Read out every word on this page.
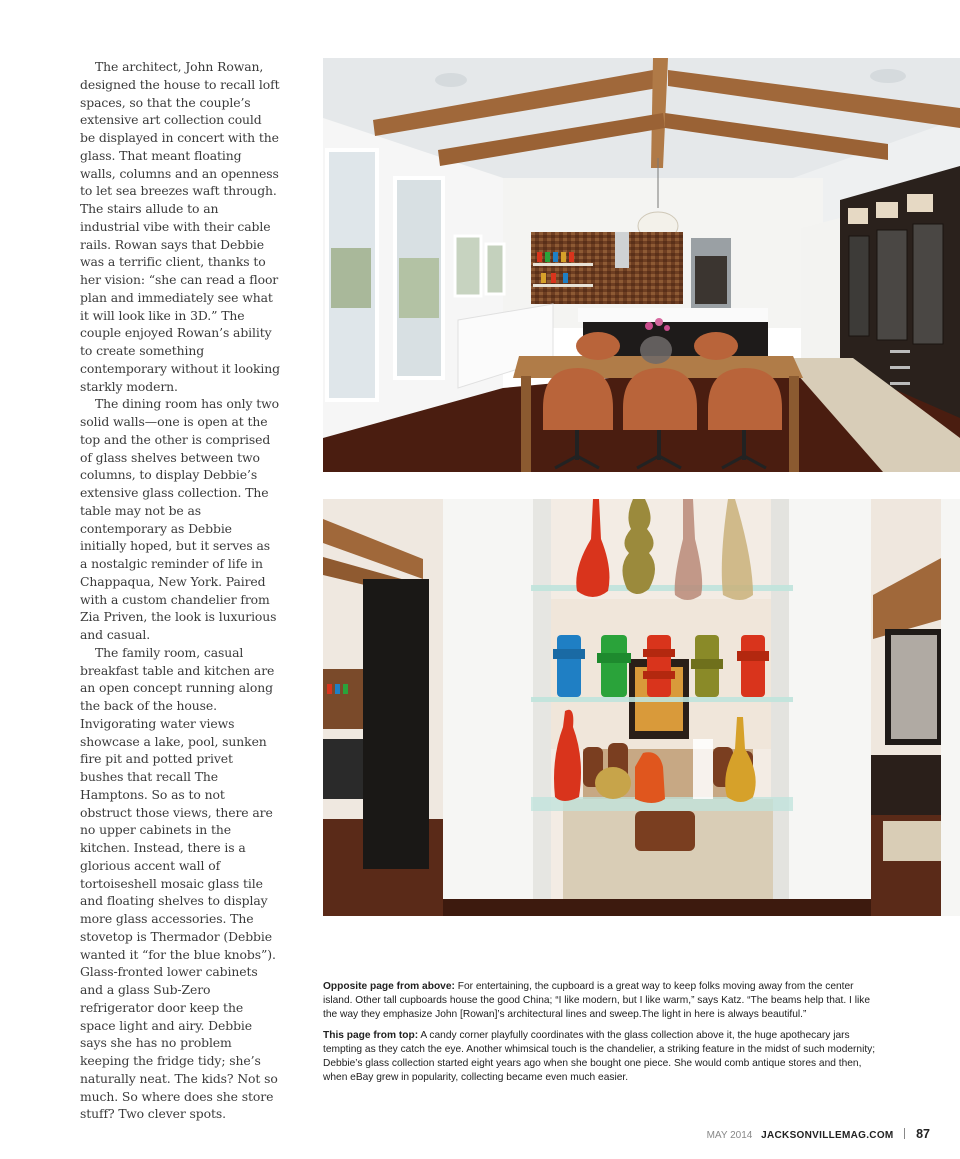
The architect, John Rowan, designed the house to recall loft spaces, so that the couple’s extensive art collection could be displayed in concert with the glass. That meant floating walls, columns and an openness to let sea breezes waft through. The stairs allude to an industrial vibe with their cable rails. Rowan says that Debbie was a terrific client, thanks to her vision: “she can read a floor plan and immediately see what it will look like in 3D.” The couple enjoyed Rowan’s ability to create something contemporary without it looking starkly modern.

The dining room has only two solid walls—one is open at the top and the other is comprised of glass shelves between two columns, to display Debbie’s extensive glass collection. The table may not be as contemporary as Debbie initially hoped, but it serves as a nostalgic reminder of life in Chappaqua, New York. Paired with a custom chandelier from Zia Priven, the look is luxurious and casual.

The family room, casual breakfast table and kitchen are an open concept running along the back of the house. Invigorating water views showcase a lake, pool, sunken fire pit and potted privet bushes that recall The Hamptons. So as to not obstruct those views, there are no upper cabinets in the kitchen. Instead, there is a glorious accent wall of tortoiseshell mosaic glass tile and floating shelves to display more glass accessories. The stovetop is Thermador (Debbie wanted it “for the blue knobs”). Glass-fronted lower cabinets and a glass Sub-Zero refrigerator door keep the space light and airy. Debbie says she has no problem keeping the fridge tidy; she’s naturally neat. The kids? Not so much. So where does she store stuff? Two clever spots.

Opposite page from above: For entertaining, the cupboard is a great way to keep folks moving away from the center island. Other tall cupboards house the good China; “I like modern, but I like warm,” says Katz. “The beams help that. I like the way they emphasize John [Rowan]’s architectural lines and sweep.The light in here is always beautiful.”

This page from top: A candy corner playfully coordinates with the glass collection above it, the huge apothecary jars tempting as they catch the eye. Another whimsical touch is the chandelier, a striking feature in the midst of such modernity; Debbie’s glass collection started eight years ago when she bought one piece. She would comb antique stores and then, when eBay grew in popularity, collecting became even much easier.

MAY 2014 JACKSONVILLEMAG.COM 87
